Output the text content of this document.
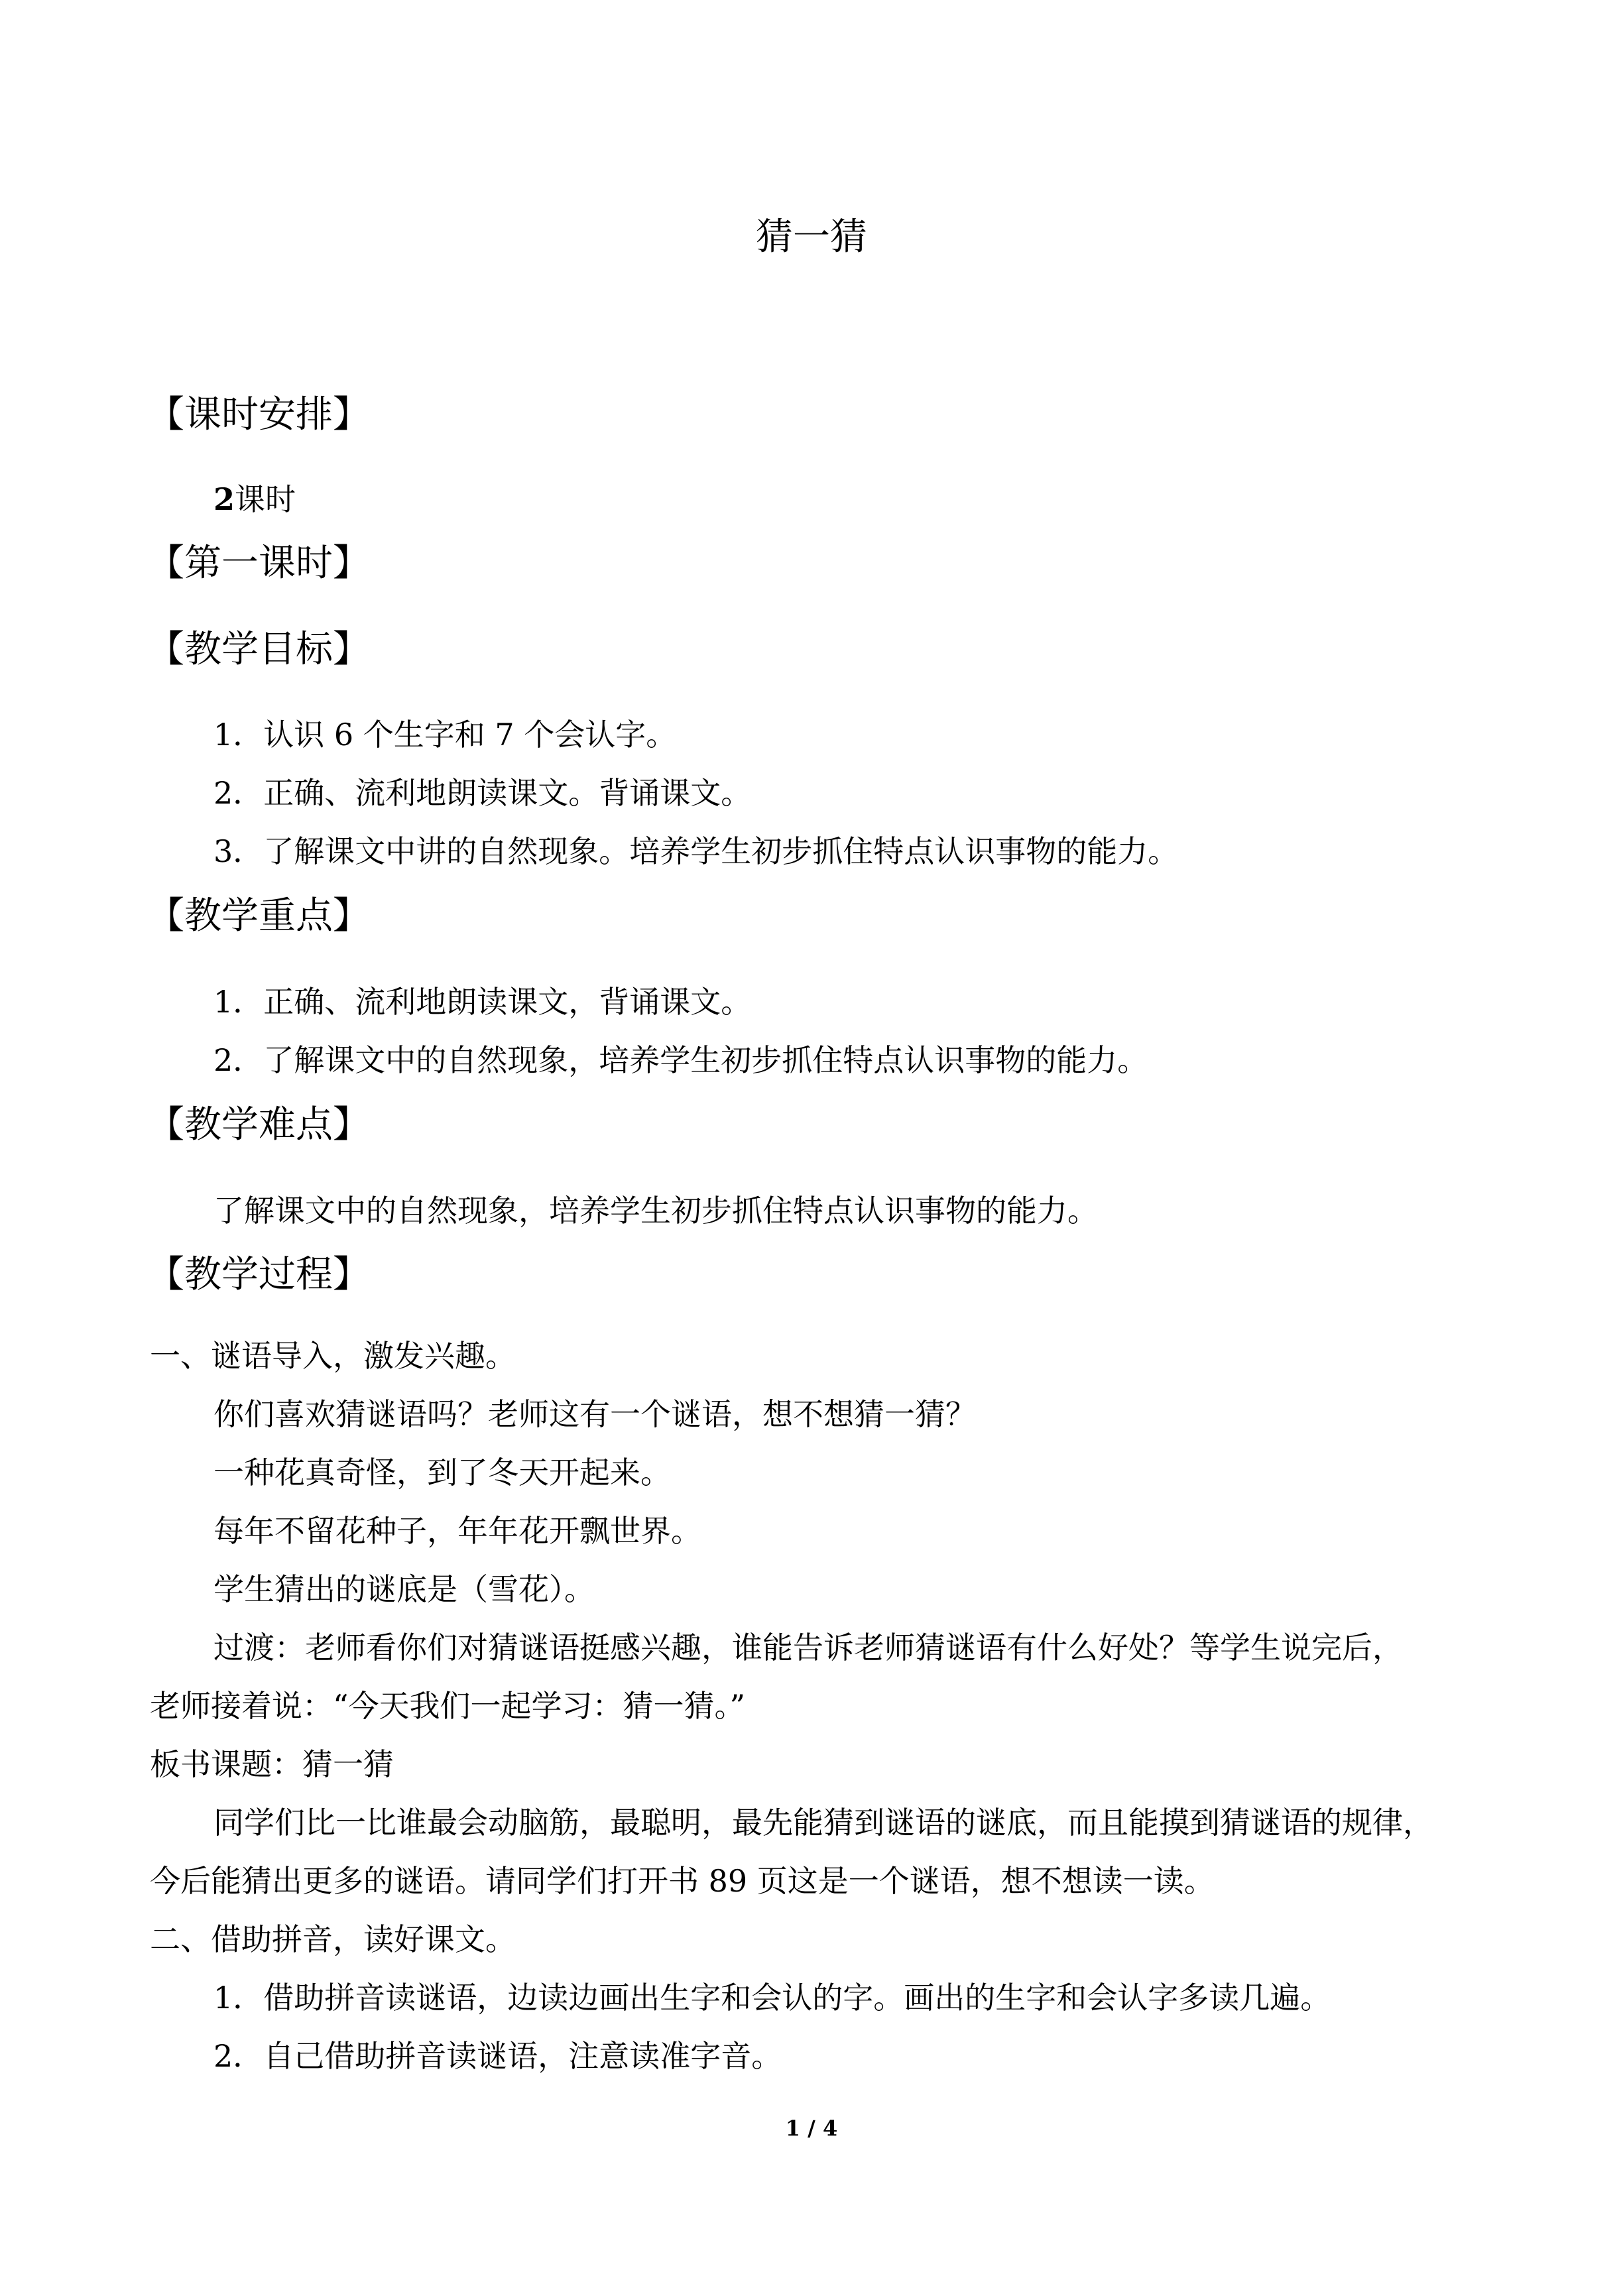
猜一猜
【课时安排】
2课时
【第一课时】
【教学目标】
1．认识 6 个生字和 7 个会认字。
2．正确、流利地朗读课文。背诵课文。
3．了解课文中讲的自然现象。培养学生初步抓住特点认识事物的能力。
【教学重点】
1．正确、流利地朗读课文，背诵课文。
2．了解课文中的自然现象，培养学生初步抓住特点认识事物的能力。
【教学难点】
了解课文中的自然现象，培养学生初步抓住特点认识事物的能力。
【教学过程】
一、谜语导入，激发兴趣。
你们喜欢猜谜语吗？老师这有一个谜语，想不想猜一猜？
一种花真奇怪，到了冬天开起来。
每年不留花种子，年年花开飘世界。
学生猜出的谜底是（雪花）。
过渡：老师看你们对猜谜语挺感兴趣，谁能告诉老师猜谜语有什么好处？等学生说完后，
老师接着说：“今天我们一起学习：猜一猜。”
板书课题：猜一猜
同学们比一比谁最会动脑筋，最聪明，最先能猜到谜语的谜底，而且能摸到猜谜语的规律，
今后能猜出更多的谜语。请同学们打开书 89 页这是一个谜语，想不想读一读。
二、借助拼音，读好课文。
1．借助拼音读谜语，边读边画出生字和会认的字。画出的生字和会认字多读几遍。
2．自己借助拼音读谜语，注意读准字音。
1 / 4
